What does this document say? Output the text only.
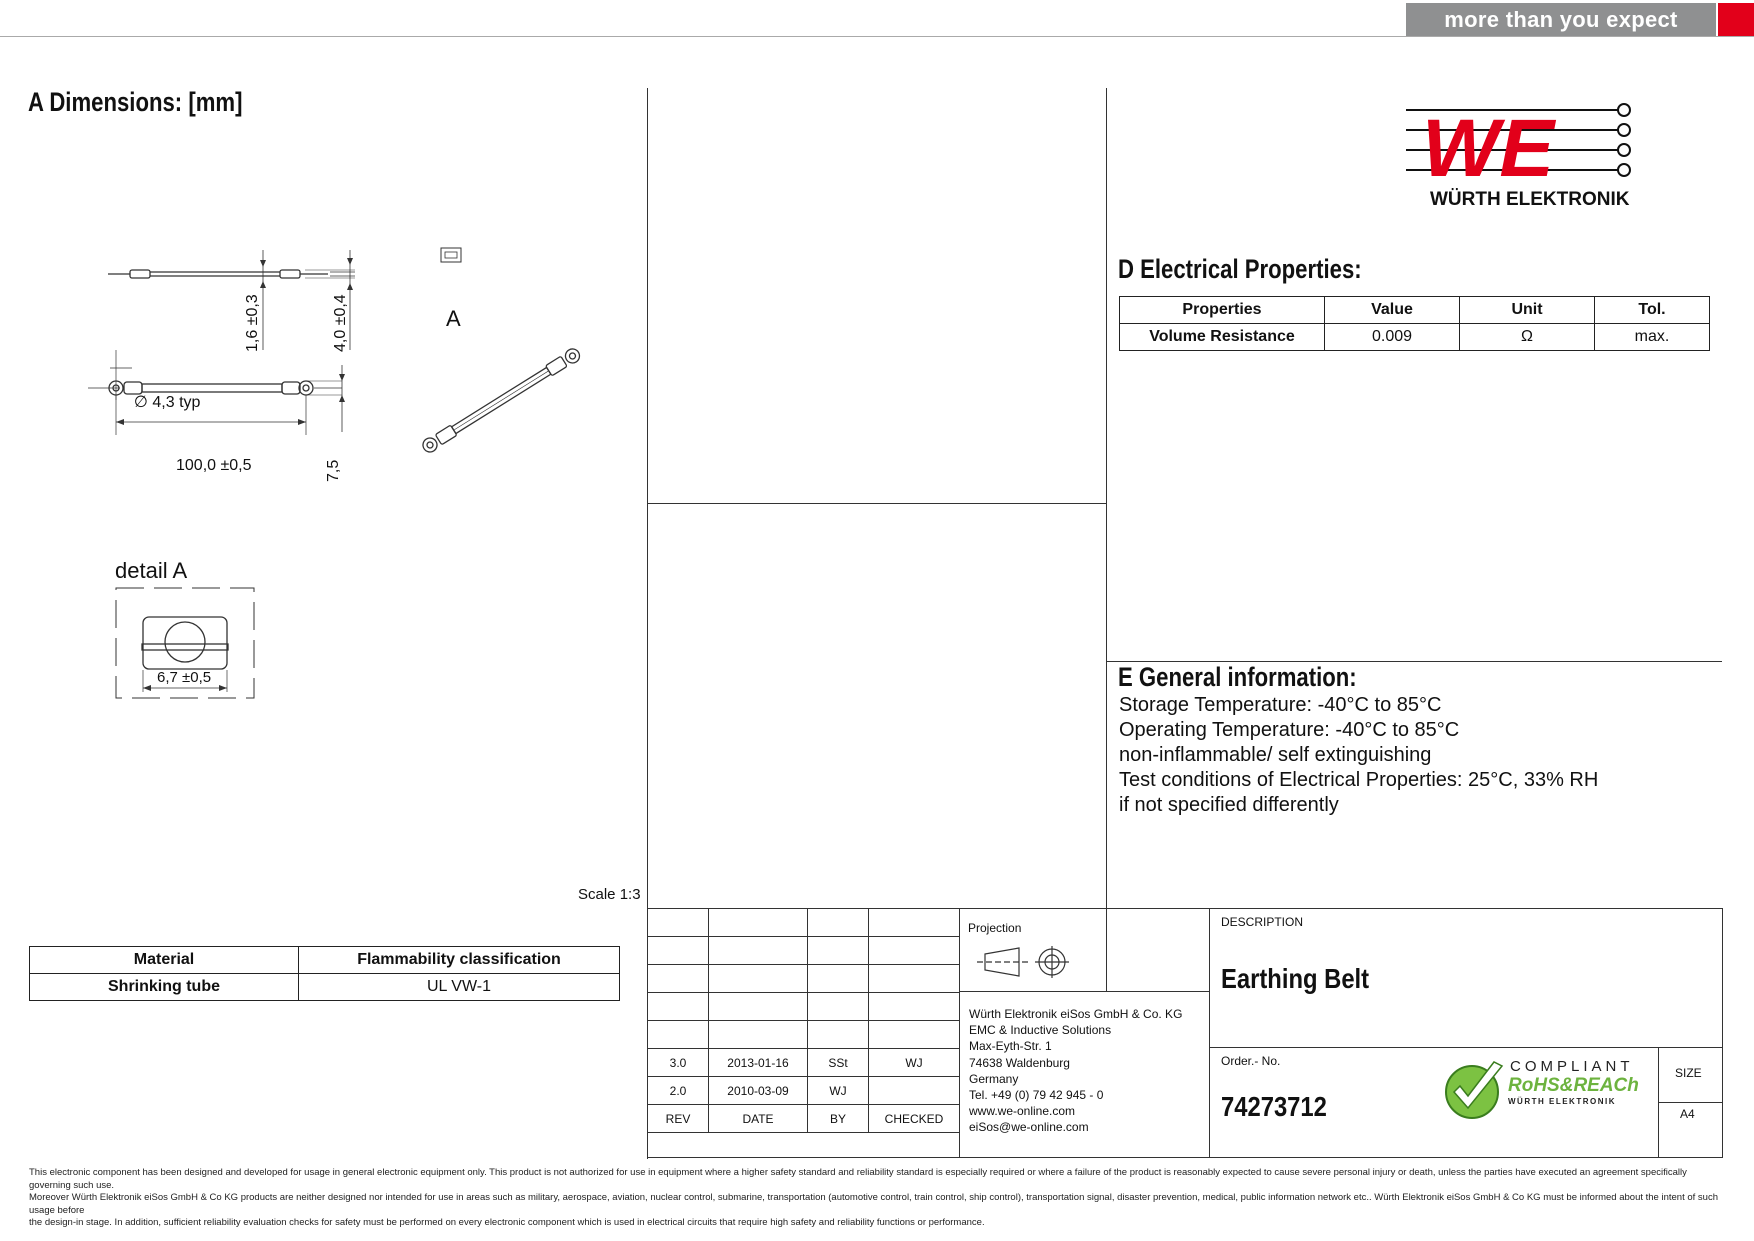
more than you expect
A Dimensions: [mm]
1,6 ±0,3	4,0 ±0,4	A
∅ 4,3 typ
100,0 ±0,5	7,5
detail A
6,7 ±0,5
Scale 1:3
Material	Flammability classification
Shrinking tube	UL VW-1
WE
WÜRTH ELEKTRONIK
D Electrical Properties:
Properties	Value	Unit	Tol.
Volume Resistance	0.009	Ω	max.
E General information:
Storage Temperature: -40°C to 85°C
Operating Temperature: -40°C to 85°C
non-inflammable/ self extinguishing
Test conditions of Electrical Properties: 25°C, 33% RH
if not specified differently

3.0	2013-01-16	SSt	WJ
2.0	2010-03-09	WJ	
REV	DATE	BY	CHECKED
Projection
Würth Elektronik eiSos GmbH & Co. KG
EMC & Inductive Solutions
Max-Eyth-Str. 1
74638 Waldenburg
Germany
Tel. +49 (0) 79 42 945 - 0
www.we-online.com
eiSos@we-online.com
DESCRIPTION
Earthing Belt
Order.- No.
74273712
COMPLIANT
RoHS&REACh
WÜRTH ELEKTRONIK
SIZE
A4
This electronic component has been designed and developed for usage in general electronic equipment only. This product is not authorized for use in equipment where a higher safety standard and reliability standard is especially required or where a failure of the product is reasonably expected to cause severe personal injury or death, unless the parties have executed an agreement specifically governing such use.
Moreover Würth Elektronik eiSos GmbH & Co KG products are neither designed nor intended for use in areas such as military, aerospace, aviation, nuclear control, submarine, transportation (automotive control, train control, ship control), transportation signal, disaster prevention, medical, public information network etc.. Würth Elektronik eiSos GmbH & Co KG must be informed about the intent of such usage before
the design-in stage. In addition, sufficient reliability evaluation checks for safety must be performed on every electronic component which is used in electrical circuits that require high safety and reliability functions or performance.
